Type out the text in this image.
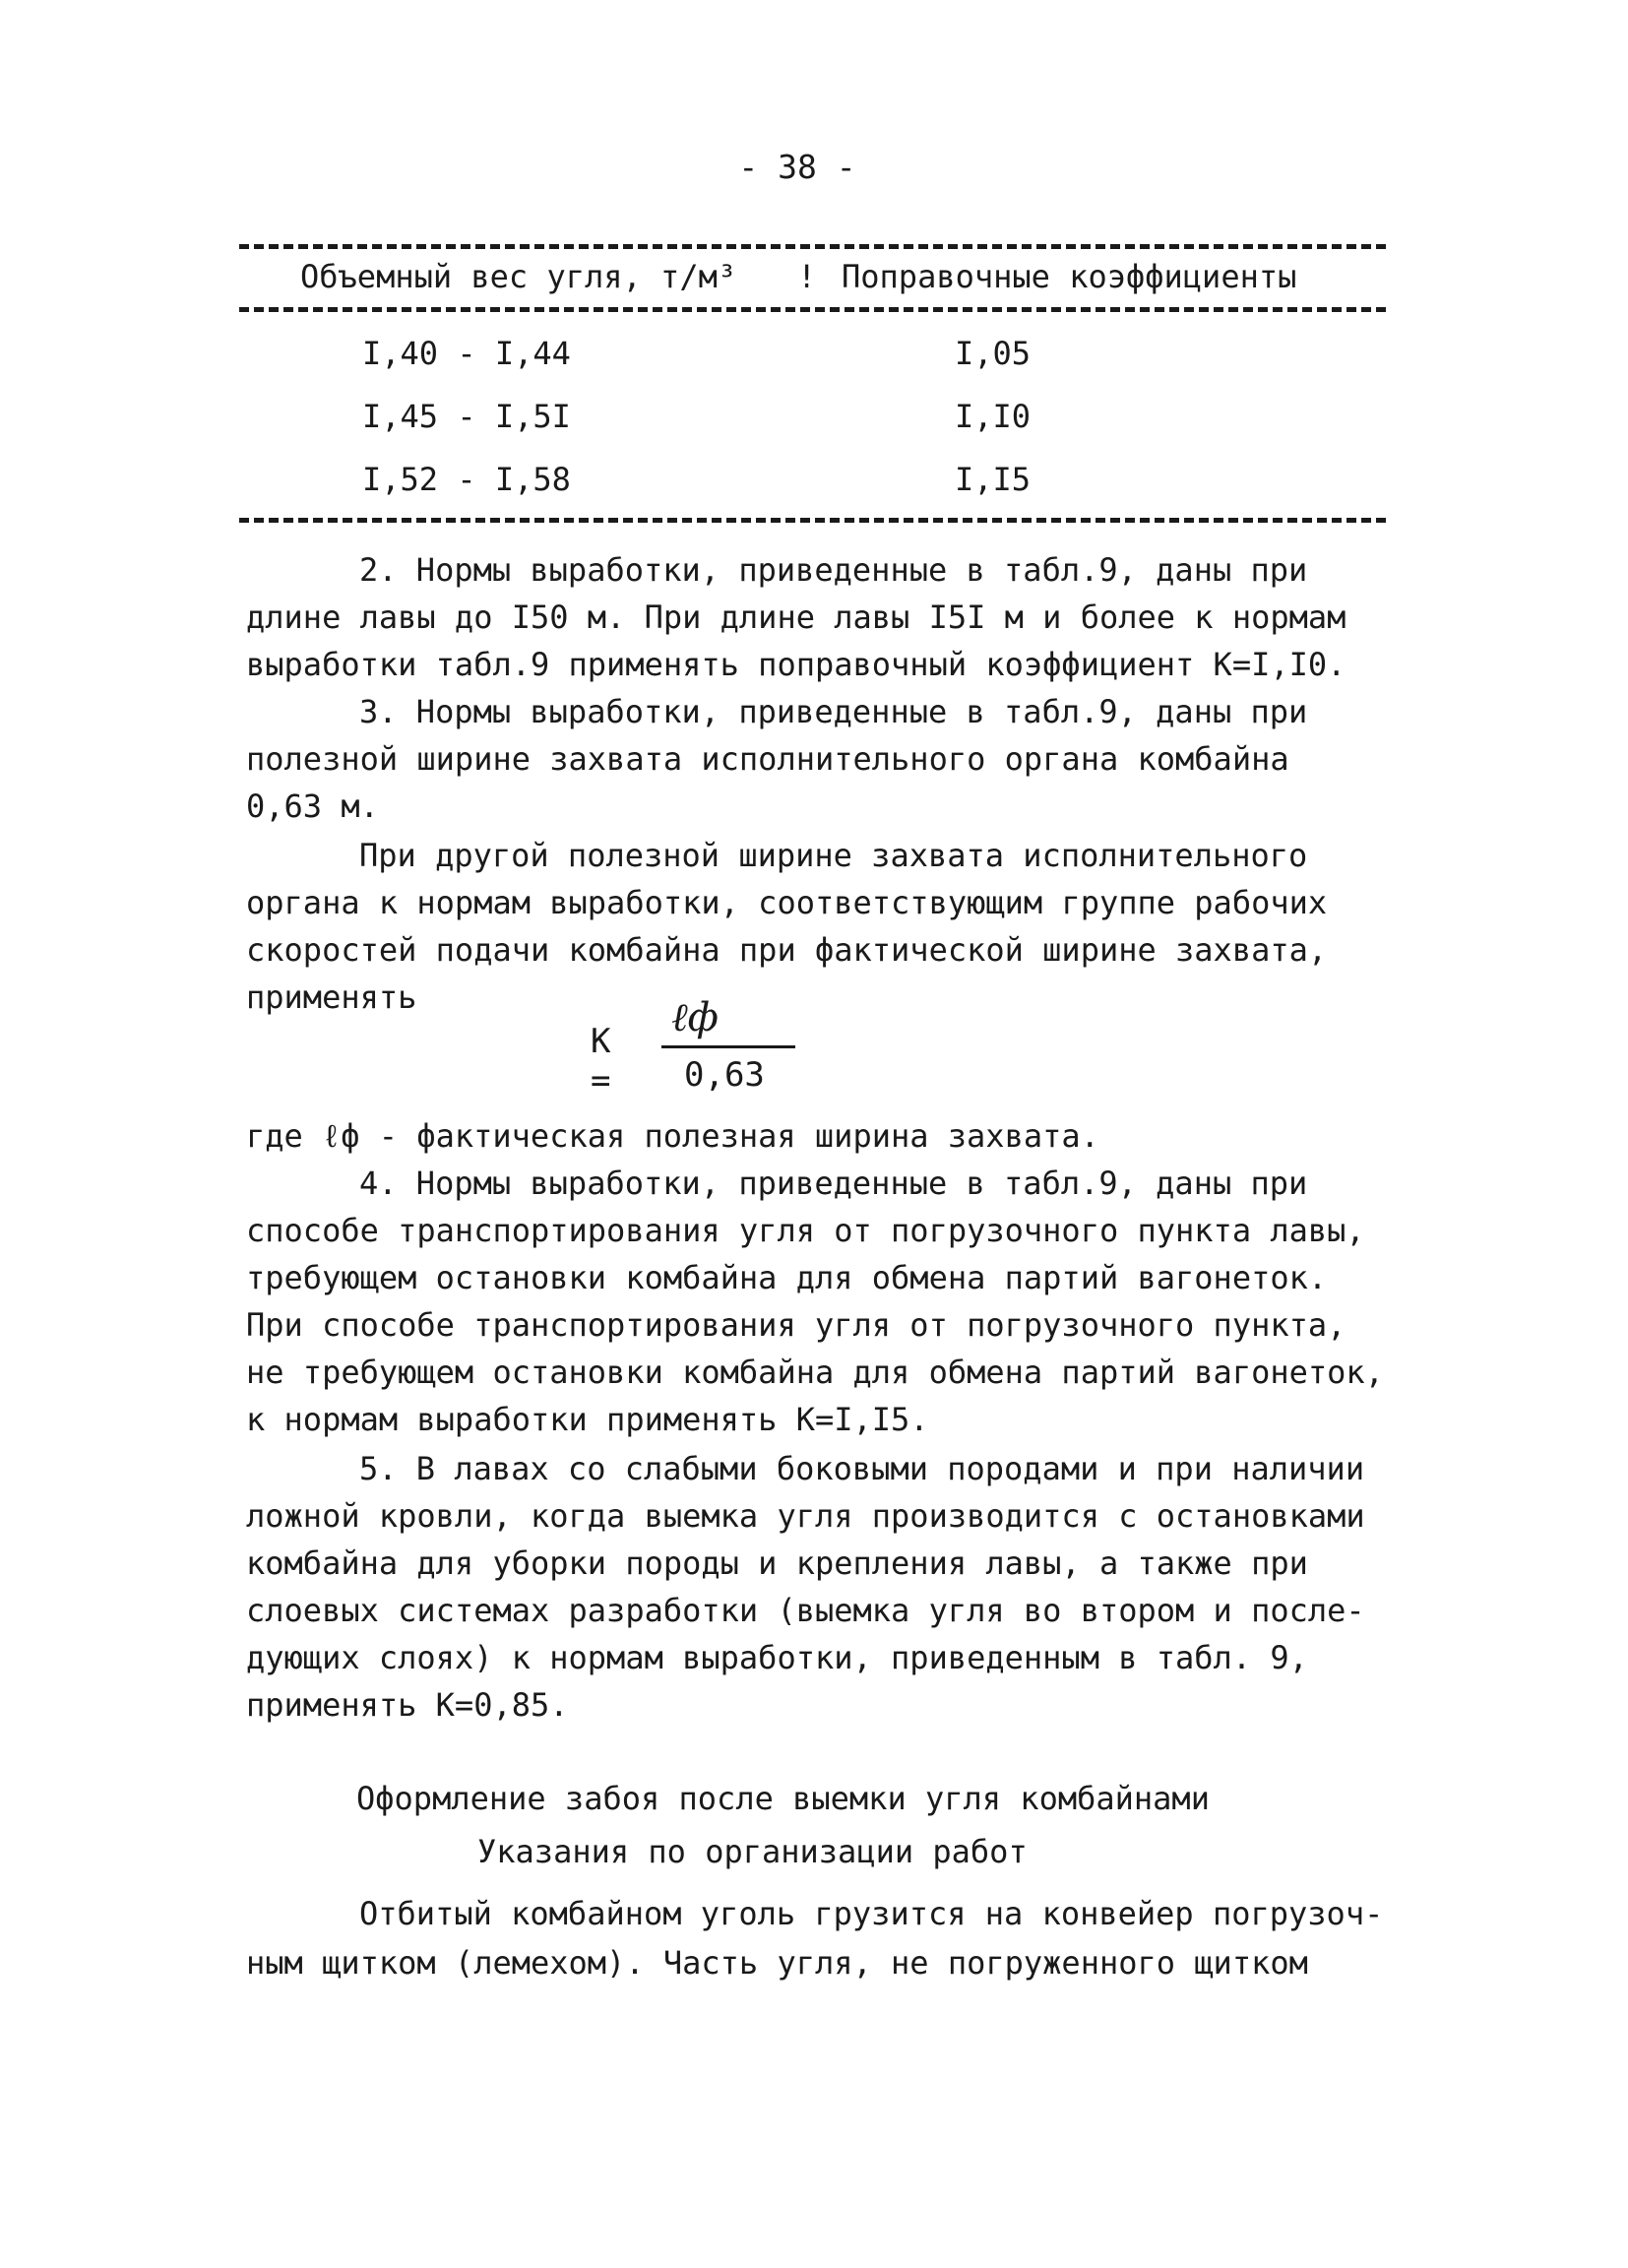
- 38 -
Объемный вес угля, т/м³ ! Поправочные коэффициенты
I,40 - I,44	I,05
I,45 - I,5I	I,I0
I,52 - I,58	I,I5
2. Нормы выработки, приведенные в табл.9, даны при
длине лавы до I50 м. При длине лавы I5I м и более к нормам
выработки табл.9 применять поправочный коэффициент К=I,I0.
3. Нормы выработки, приведенные в табл.9, даны при
полезной ширине захвата исполнительного органа комбайна
0,63 м.
При другой полезной ширине захвата исполнительного
органа к нормам выработки, соответствующим группе рабочих
скоростей подачи комбайна при фактической ширине захвата,
применять
К =
ℓф
0,63
где ℓф - фактическая полезная ширина захвата.
4. Нормы выработки, приведенные в табл.9, даны при
способе транспортирования угля от погрузочного пункта лавы,
требующем остановки комбайна для обмена партий вагонеток.
При способе транспортирования угля от погрузочного пункта,
не требующем остановки комбайна для обмена партий вагонеток,
к нормам выработки применять К=I,I5.
5. В лавах со слабыми боковыми породами и при наличии
ложной кровли, когда выемка угля производится с остановками
комбайна для уборки породы и крепления лавы, а также при
слоевых системах разработки (выемка угля во втором и после-
дующих слоях) к нормам выработки, приведенным в табл. 9,
применять К=0,85.
Оформление забоя после выемки угля комбайнами
Указания по организации работ
Отбитый комбайном уголь грузится на конвейер погрузоч-
ным щитком (лемехом). Часть угля, не погруженного щитком
